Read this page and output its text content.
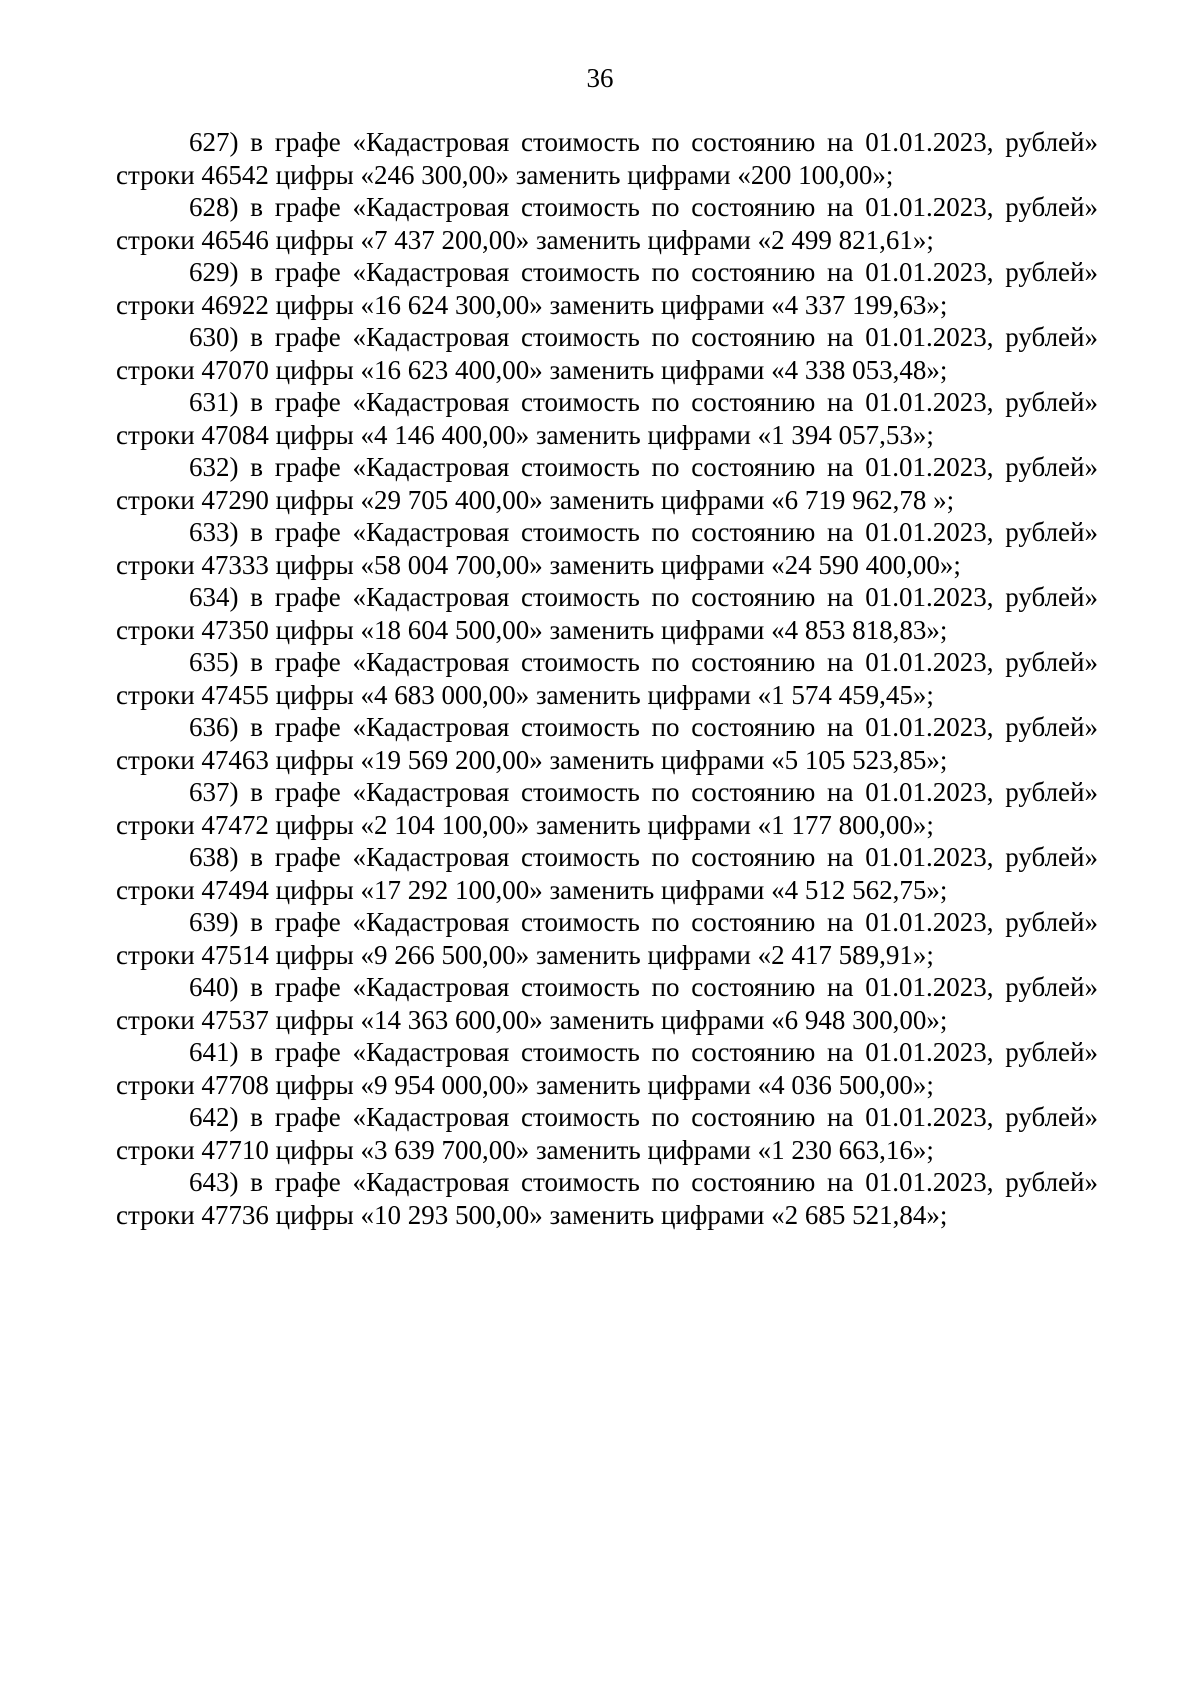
36

627) в графе «Кадастровая стоимость по состоянию на 01.01.2023, рублей» строки 46542 цифры «246 300,00» заменить цифрами «200 100,00»;

628) в графе «Кадастровая стоимость по состоянию на 01.01.2023, рублей» строки 46546 цифры «7 437 200,00» заменить цифрами «2 499 821,61»;

629) в графе «Кадастровая стоимость по состоянию на 01.01.2023, рублей» строки 46922 цифры «16 624 300,00» заменить цифрами «4 337 199,63»;

630) в графе «Кадастровая стоимость по состоянию на 01.01.2023, рублей» строки 47070 цифры «16 623 400,00» заменить цифрами «4 338 053,48»;

631) в графе «Кадастровая стоимость по состоянию на 01.01.2023, рублей» строки 47084 цифры «4 146 400,00» заменить цифрами «1 394 057,53»;

632) в графе «Кадастровая стоимость по состоянию на 01.01.2023, рублей» строки 47290 цифры «29 705 400,00» заменить цифрами «6 719 962,78 »;

633) в графе «Кадастровая стоимость по состоянию на 01.01.2023, рублей» строки 47333 цифры «58 004 700,00» заменить цифрами «24 590 400,00»;

634) в графе «Кадастровая стоимость по состоянию на 01.01.2023, рублей» строки 47350 цифры «18 604 500,00» заменить цифрами «4 853 818,83»;

635) в графе «Кадастровая стоимость по состоянию на 01.01.2023, рублей» строки 47455 цифры «4 683 000,00» заменить цифрами «1 574 459,45»;

636) в графе «Кадастровая стоимость по состоянию на 01.01.2023, рублей» строки 47463 цифры «19 569 200,00» заменить цифрами «5 105 523,85»;

637) в графе «Кадастровая стоимость по состоянию на 01.01.2023, рублей» строки 47472 цифры «2 104 100,00» заменить цифрами «1 177 800,00»;

638) в графе «Кадастровая стоимость по состоянию на 01.01.2023, рублей» строки 47494 цифры «17 292 100,00» заменить цифрами «4 512 562,75»;

639) в графе «Кадастровая стоимость по состоянию на 01.01.2023, рублей» строки 47514 цифры «9 266 500,00» заменить цифрами «2 417 589,91»;

640) в графе «Кадастровая стоимость по состоянию на 01.01.2023, рублей» строки 47537 цифры «14 363 600,00» заменить цифрами «6 948 300,00»;

641) в графе «Кадастровая стоимость по состоянию на 01.01.2023, рублей» строки 47708 цифры «9 954 000,00» заменить цифрами «4 036 500,00»;

642) в графе «Кадастровая стоимость по состоянию на 01.01.2023, рублей» строки 47710 цифры «3 639 700,00» заменить цифрами «1 230 663,16»;

643) в графе «Кадастровая стоимость по состоянию на 01.01.2023, рублей» строки 47736 цифры «10 293 500,00» заменить цифрами «2 685 521,84»;
